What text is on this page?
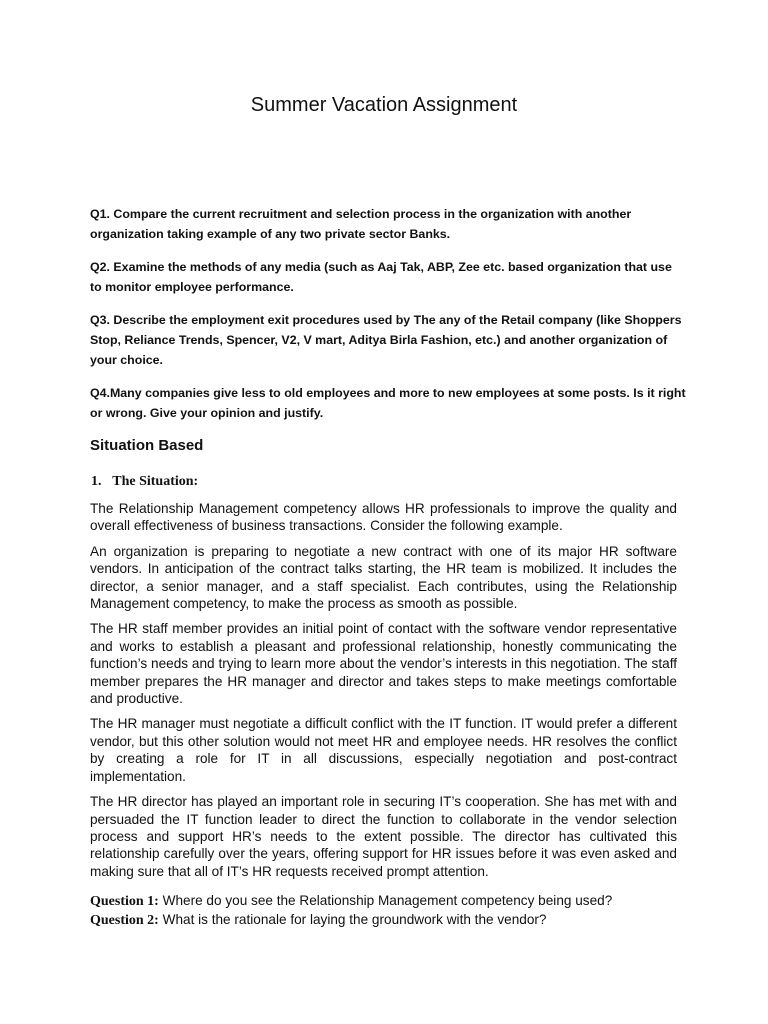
Summer Vacation Assignment

Q1. Compare the current recruitment and selection process in the organization with another organization taking example of any two private sector Banks.

Q2. Examine the methods of any media (such as Aaj Tak, ABP, Zee etc. based organization that use to monitor employee performance.

Q3. Describe the employment exit procedures used by The any of the Retail company (like Shoppers Stop, Reliance Trends, Spencer, V2, V mart, Aditya Birla Fashion, etc.) and another organization of your choice.

Q4.Many companies give less to old employees and more to new employees at some posts. Is it right or wrong. Give your opinion and justify.

Situation Based
1. The Situation:

The Relationship Management competency allows HR professionals to improve the quality and overall effectiveness of business transactions. Consider the following example.

An organization is preparing to negotiate a new contract with one of its major HR software vendors. In anticipation of the contract talks starting, the HR team is mobilized. It includes the director, a senior manager, and a staff specialist. Each contributes, using the Relationship Management competency, to make the process as smooth as possible.

The HR staff member provides an initial point of contact with the software vendor representative and works to establish a pleasant and professional relationship, honestly communicating the function’s needs and trying to learn more about the vendor’s interests in this negotiation. The staff member prepares the HR manager and director and takes steps to make meetings comfortable and productive.

The HR manager must negotiate a difficult conflict with the IT function. IT would prefer a different vendor, but this other solution would not meet HR and employee needs. HR resolves the conflict by creating a role for IT in all discussions, especially negotiation and post-contract implementation.

The HR director has played an important role in securing IT’s cooperation. She has met with and persuaded the IT function leader to direct the function to collaborate in the vendor selection process and support HR’s needs to the extent possible. The director has cultivated this relationship carefully over the years, offering support for HR issues before it was even asked and making sure that all of IT’s HR requests received prompt attention.

Question 1: Where do you see the Relationship Management competency being used?

Question 2: What is the rationale for laying the groundwork with the vendor?
